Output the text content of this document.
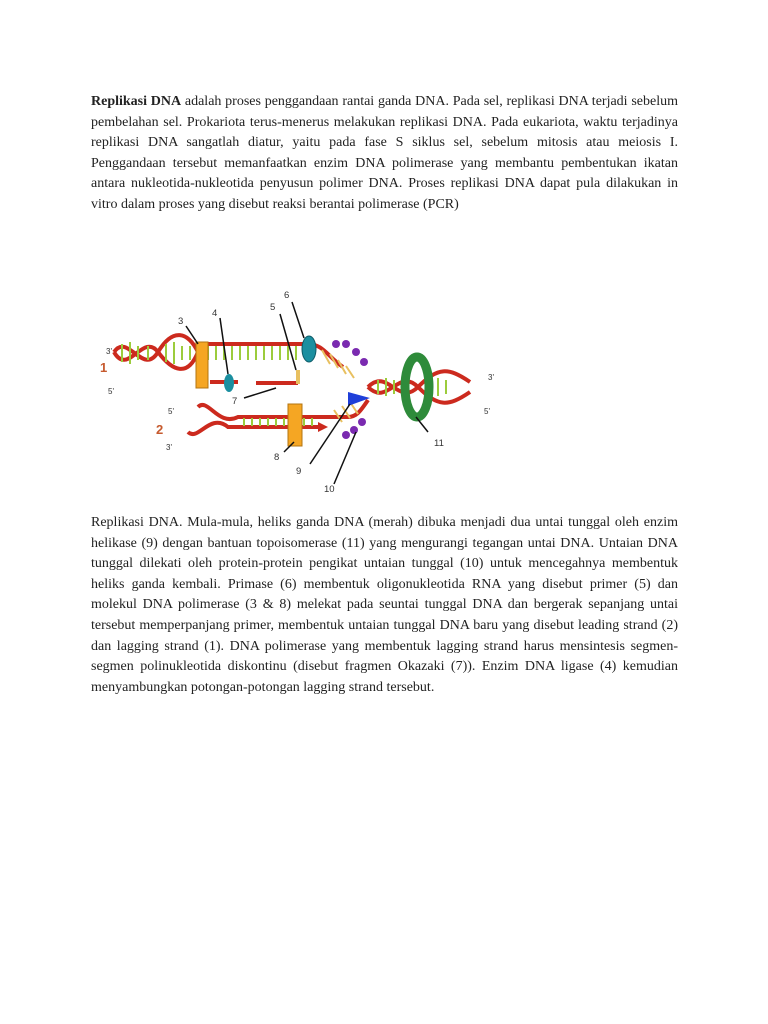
Replikasi DNA adalah proses penggandaan rantai ganda DNA. Pada sel, replikasi DNA terjadi sebelum pembelahan sel. Prokariota terus-menerus melakukan replikasi DNA. Pada eukariota, waktu terjadinya replikasi DNA sangatlah diatur, yaitu pada fase S siklus sel, sebelum mitosis atau meiosis I. Penggandaan tersebut memanfaatkan enzim DNA polimerase yang membantu pembentukan ikatan antara nukleotida-nukleotida penyusun polimer DNA. Proses replikasi DNA dapat pula dilakukan in vitro dalam proses yang disebut reaksi berantai polimerase (PCR)

1
2
3'
5'
5'
3'
3'
5'
3
4
5
6
7
8
9
10
11

Replikasi DNA. Mula-mula, heliks ganda DNA (merah) dibuka menjadi dua untai tunggal oleh enzim helikase (9) dengan bantuan topoisomerase (11) yang mengurangi tegangan untai DNA. Untaian DNA tunggal dilekati oleh protein-protein pengikat untaian tunggal (10) untuk mencegahnya membentuk heliks ganda kembali. Primase (6) membentuk oligonukleotida RNA yang disebut primer (5) dan molekul DNA polimerase (3 & 8) melekat pada seuntai tunggal DNA dan bergerak sepanjang untai tersebut memperpanjang primer, membentuk untaian tunggal DNA baru yang disebut leading strand (2) dan lagging strand (1). DNA polimerase yang membentuk lagging strand harus mensintesis segmen-segmen polinukleotida diskontinu (disebut fragmen Okazaki (7)). Enzim DNA ligase (4) kemudian menyambungkan potongan-potongan lagging strand tersebut.
